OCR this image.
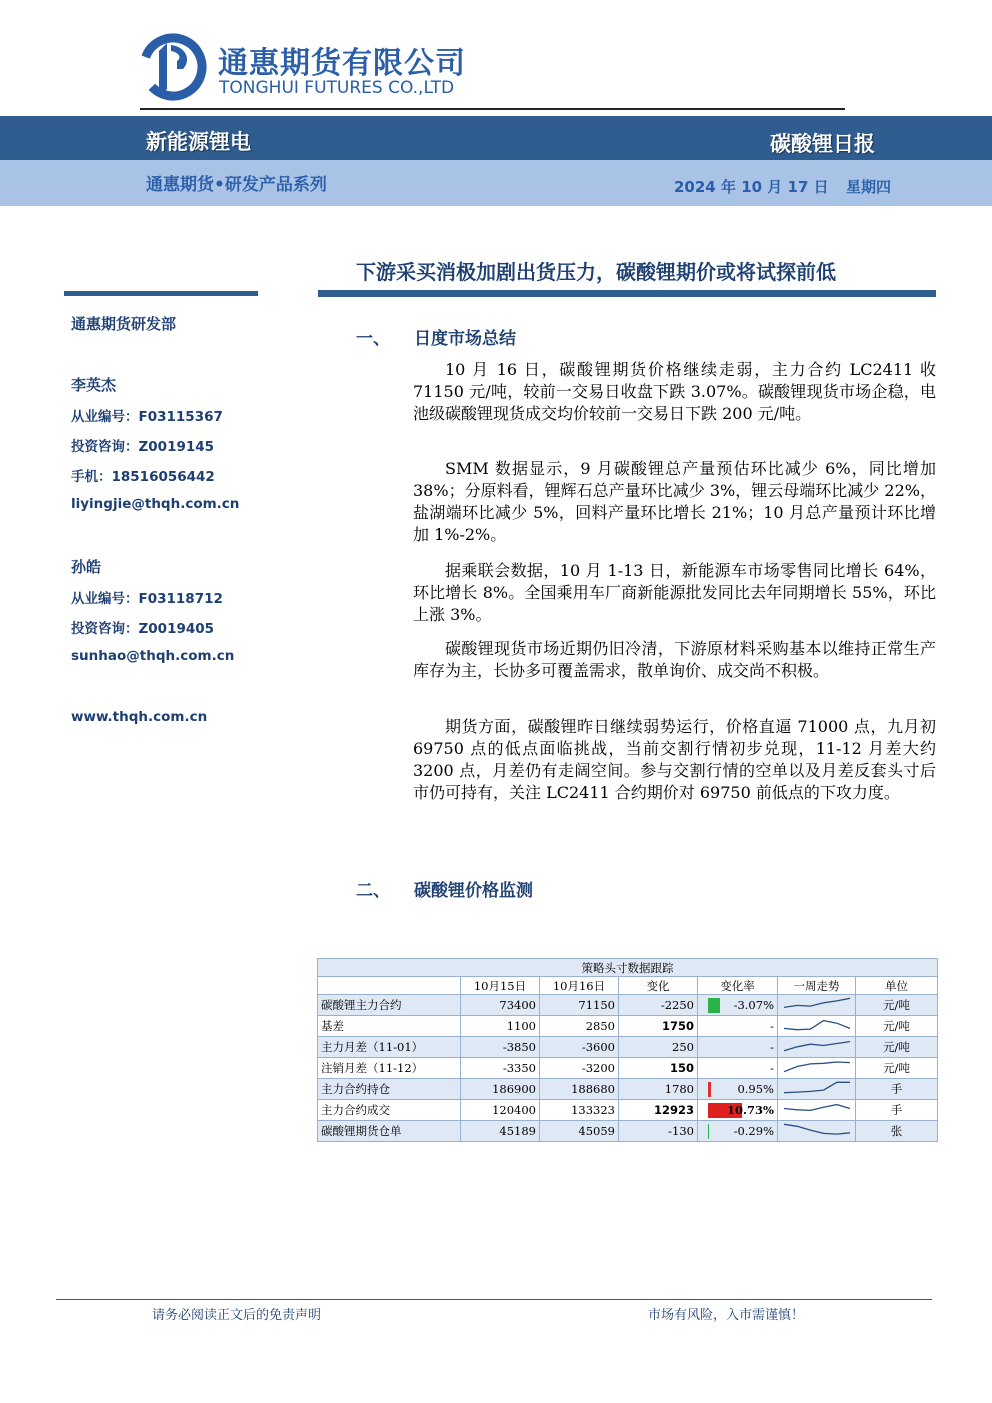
通惠期货有限公司
TONGHUI FUTURES CO.,LTD
新能源锂电	碳酸锂日报
通惠期货•研发产品系列	2024 年 10 月 17 日 星期四
下游采买消极加剧出货压力，碳酸锂期价或将试探前低
通惠期货研发部
李英杰
从业编号：F03115367
投资咨询：Z0019145
手机：18516056442
liyingjie@thqh.com.cn
孙皓
从业编号：F03118712
投资咨询：Z0019405
sunhao@thqh.com.cn
www.thqh.com.cn
一、 日度市场总结

10 月 16 日，碳酸锂期货价格继续走弱，主力合约 LC2411 收 71150 元/吨，较前一交易日收盘下跌 3.07%。碳酸锂现货市场企稳，电池级碳酸锂现货成交均价较前一交易日下跌 200 元/吨。

SMM 数据显示，9 月碳酸锂总产量预估环比减少 6%，同比增加 38%；分原料看，锂辉石总产量环比减少 3%，锂云母端环比减少 22%，盐湖端环比减少 5%，回料产量环比增长 21%；10 月总产量预计环比增加 1%-2%。

据乘联会数据，10 月 1-13 日，新能源车市场零售同比增长 64%，环比增长 8%。全国乘用车厂商新能源批发同比去年同期增长 55%，环比上涨 3%。

碳酸锂现货市场近期仍旧冷清，下游原材料采购基本以维持正常生产库存为主，长协多可覆盖需求，散单询价、成交尚不积极。

期货方面，碳酸锂昨日继续弱势运行，价格直逼 71000 点，九月初 69750 点的低点面临挑战，当前交割行情初步兑现，11-12 月差大约 3200 点，月差仍有走阔空间。参与交割行情的空单以及月差反套头寸后市仍可持有，关注 LC2411 合约期价对 69750 前低点的下攻力度。

二、 碳酸锂价格监测
策略头寸数据跟踪						
	10月15日	10月16日	变化	变化率	一周走势	单位
碳酸锂主力合约	73400	71150	-2250	-3.07%		元/吨
基差	1100	2850	1750	-		元/吨
主力月差（11-01）	-3850	-3600	250	-		元/吨
注销月差（11-12）	-3350	-3200	150	-		元/吨
主力合约持仓	186900	188680	1780	0.95%		手
主力合约成交	120400	133323	12923	10.73%		手
碳酸锂期货仓单	45189	45059	-130	-0.29%		张
请务必阅读正文后的免责声明	市场有风险，入市需谨慎！
